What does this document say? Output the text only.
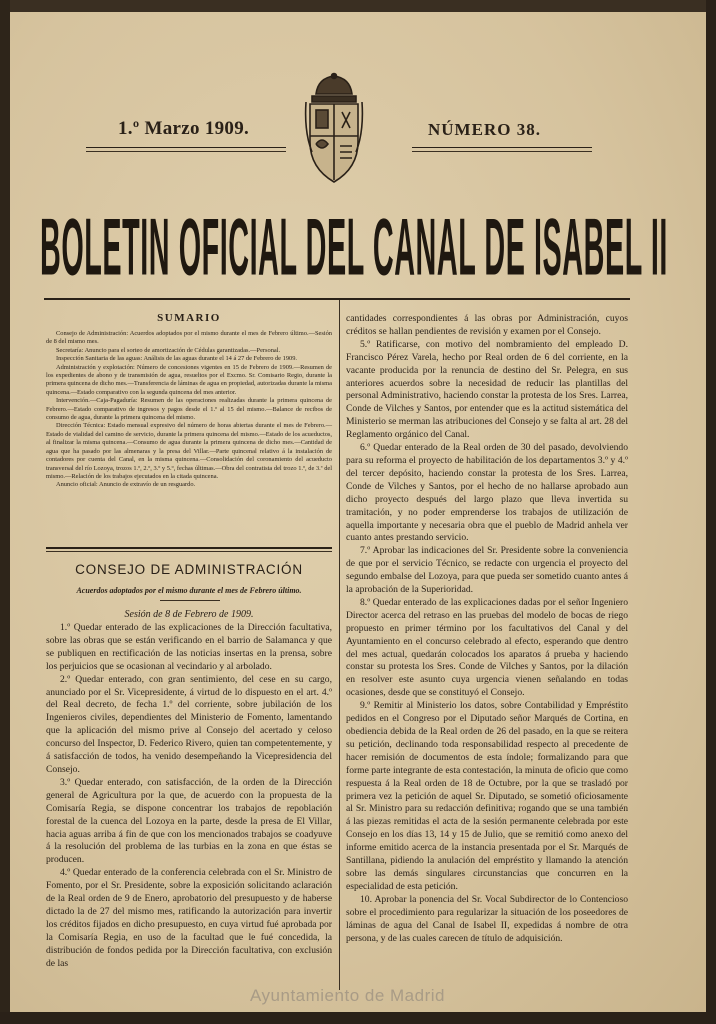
1.º Marzo 1909.	NÚMERO 38.
BOLETIN OFICIAL DEL CANAL DE ISABEL II
SUMARIO

Consejo de Administración: Acuerdos adoptados por el mismo durante el mes de Febrero último.—Sesión de 8 del mismo mes.

Secretaría: Anuncio para el sorteo de amortización de Cédulas garantizadas.—Personal.

Inspección Sanitaria de las aguas: Análisis de las aguas durante el 14 á 27 de Febrero de 1909.

Administración y explotación: Número de concesiones vigentes en 15 de Febrero de 1909.—Resumen de los expedientes de abono y de transmisión de agua, resueltos por el Excmo. Sr. Comisario Regio, durante la primera quincena de dicho mes.—Transferencia de láminas de agua en propiedad, autorizadas durante la misma quincena.—Estado comparativo con la segunda quincena del mes anterior.

Intervención.—Caja-Pagaduría: Resumen de las operaciones realizadas durante la primera quincena de Febrero.—Estado comparativo de ingresos y pagos desde el 1.º al 15 del mismo.—Balance de recibos de consumo de agua, durante la primera quincena del mismo.

Dirección Técnica: Estado mensual expresivo del número de horas abiertas durante el mes de Febrero.—Estado de vialidad del camino de servicio, durante la primera quincena del mismo.—Estado de los acueductos, al finalizar la misma quincena.—Consumo de agua durante la primera quincena de dicho mes.—Cantidad de agua que ha pasado por las almenaras y la presa del Villar.—Parte quincenal relativo á la instalación de contadores por cuenta del Canal, en la misma quincena.—Consolidación del coronamiento del acueducto transversal del río Lozoya, trozos 1.º, 2.º, 3.º y 5.º, fechas últimas.—Obra del contratista del trozo 1.º, de 3.ª del mismo.—Relación de los trabajos ejecutados en la citada quincena.

Anuncio oficial: Anuncio de extravío de un resguardo.

CONSEJO DE ADMINISTRACIÓN
Acuerdos adoptados por el mismo durante el mes de Febrero último.
Sesión de 8 de Febrero de 1909.

1.º Quedar enterado de las explicaciones de la Dirección facultativa, sobre las obras que se están verificando en el barrio de Salamanca y que se publiquen en rectificación de las noticias insertas en la prensa, sobre los perjuicios que se ocasionan al vecindario y al arbolado.

2.º Quedar enterado, con gran sentimiento, del cese en su cargo, anunciado por el Sr. Vicepresidente, á virtud de lo dispuesto en el art. 4.º del Real decreto, de fecha 1.º del corriente, sobre jubilación de los Ingenieros civiles, dependientes del Ministerio de Fomento, lamentando que la aplicación del mismo prive al Consejo del acertado y celoso concurso del Inspector, D. Federico Rivero, quien tan competentemente, y á satisfacción de todos, ha venido desempeñando la Vicepresidencia del Consejo.

3.º Quedar enterado, con satisfacción, de la orden de la Dirección general de Agricultura por la que, de acuerdo con la propuesta de la Comisaría Regia, se dispone concentrar los trabajos de repoblación forestal de la cuenca del Lozoya en la parte, desde la presa de El Villar, hacia aguas arriba á fin de que con los mencionados trabajos se coadyuve á la resolución del problema de las turbias en la zona en que éstas se producen.

4.º Quedar enterado de la conferencia celebrada con el Sr. Ministro de Fomento, por el Sr. Presidente, sobre la exposición solicitando aclaración de la Real orden de 9 de Enero, aprobatorio del presupuesto y de haberse dictado la de 27 del mismo mes, ratificando la autorización para invertir los créditos fijados en dicho presupuesto, en cuya virtud fué aprobada por la Comisaría Regia, en uso de la facultad que le fué concedida, la distribución de fondos pedida por la Dirección facultativa, con exclusión de las

cantidades correspondientes á las obras por Administración, cuyos créditos se hallan pendientes de revisión y examen por el Consejo.

5.º Ratificarse, con motivo del nombramiento del empleado D. Francisco Pérez Varela, hecho por Real orden de 6 del corriente, en la vacante producida por la renuncia de destino del Sr. Pelegra, en sus anteriores acuerdos sobre la necesidad de reducir las plantillas del personal Administrativo, haciendo constar la protesta de los Sres. Larrea, Conde de Vilches y Santos, por entender que es la actitud sistemática del Ministerio se merman las atribuciones del Consejo y se falta al art. 28 del Reglamento orgánico del Canal.

6.º Quedar enterado de la Real orden de 30 del pasado, devolviendo para su reforma el proyecto de habilitación de los departamentos 3.º y 4.º del tercer depósito, haciendo constar la protesta de los Sres. Larrea, Conde de Vilches y Santos, por el hecho de no hallarse aprobado aun dicho proyecto después del largo plazo que lleva invertida su tramitación, y no poder emprenderse los trabajos de utilización de aquella importante y necesaria obra que el pueblo de Madrid anhela ver cuanto antes prestando servicio.

7.º Aprobar las indicaciones del Sr. Presidente sobre la conveniencia de que por el servicio Técnico, se redacte con urgencia el proyecto del segundo embalse del Lozoya, para que pueda ser sometido cuanto antes á la aprobación de la Superioridad.

8.º Quedar enterado de las explicaciones dadas por el señor Ingeniero Director acerca del retraso en las pruebas del modelo de bocas de riego propuesto en primer término por los facultativos del Canal y del Ayuntamiento en el concurso celebrado al efecto, esperando que dentro del mes actual, quedarán colocados los aparatos á prueba y haciendo constar su protesta los Sres. Conde de Vilches y Santos, por la dilación en resolver este asunto cuya urgencia vienen señalando en todas ocasiones, desde que se constituyó el Consejo.

9.º Remitir al Ministerio los datos, sobre Contabilidad y Empréstito pedidos en el Congreso por el Diputado señor Marqués de Cortina, en obediencia debida de la Real orden de 26 del pasado, en la que se reitera su petición, declinando toda responsabilidad respecto al precedente de hacer remisión de documentos de esta índole; formalizando para que forme parte integrante de esta contestación, la minuta de oficio que como respuesta á la Real orden de 18 de Octubre, por la que se trasladó por primera vez la petición de aquel Sr. Diputado, se sometió oficiosamente al Sr. Ministro para su redacción definitiva; rogando que se una también á las piezas remitidas el acta de la sesión permanente celebrada por este Consejo en los días 13, 14 y 15 de Julio, que se remitió como anexo del informe emitido acerca de la instancia presentada por el Sr. Marqués de Santillana, pidiendo la anulación del empréstito y llamando la atención sobre las demás singulares circunstancias que concurren en la especialidad de esta petición.

10. Aprobar la ponencia del Sr. Vocal Subdirector de lo Contencioso sobre el procedimiento para regularizar la situación de los poseedores de láminas de agua del Canal de Isabel II, expedidas á nombre de otra persona, y de las cuales carecen de título de adquisición.

Ayuntamiento de Madrid
